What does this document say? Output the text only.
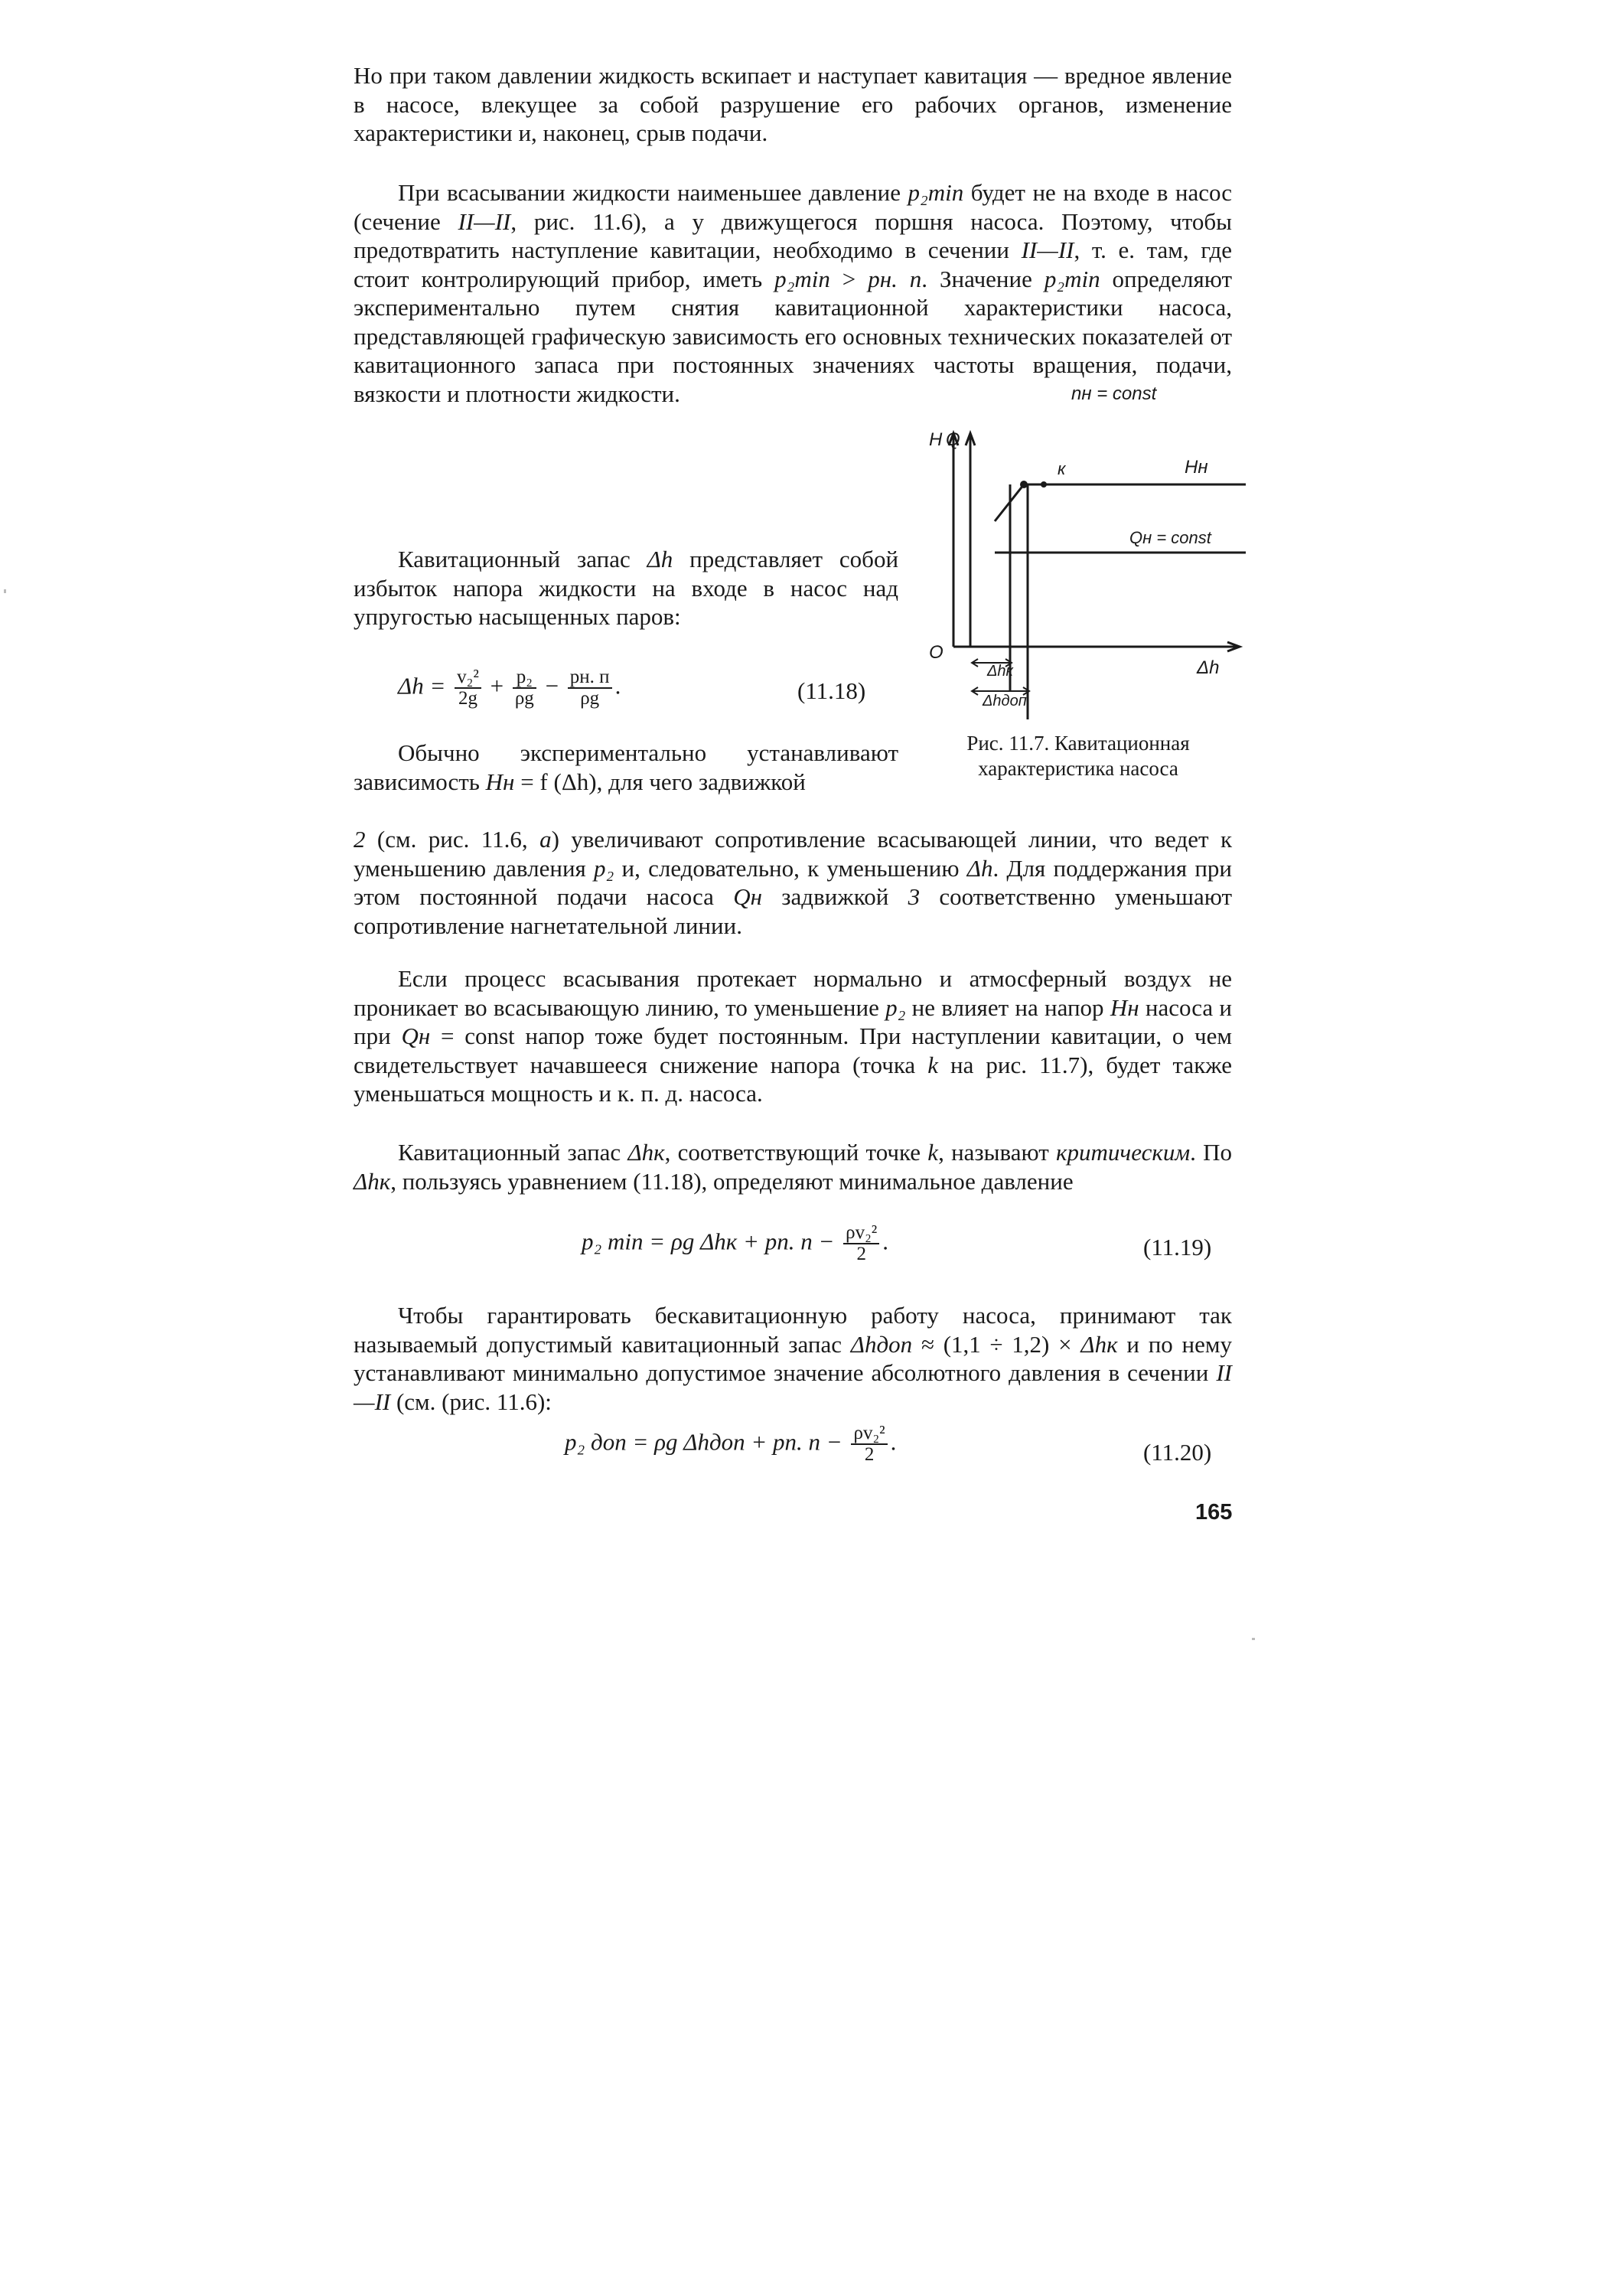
Но при таком давлении жидкость вскипает и наступает кавитация — вредное явление в насосе, влекущее за собой разрушение его рабочих органов, изменение характеристики и, наконец, срыв подачи.

При всасывании жидкости наименьшее давление p₂min будет не на входе в насос (сечение II—II, рис. 11.6), а у движущегося поршня насоса. Поэтому, чтобы предотвратить наступление кавитации, необходимо в сечении II—II, т. е. там, где стоит контролирующий прибор, иметь p₂min > pн. п. Значение p₂min определяют экспериментально путем снятия кавитационной характеристики насоса, представляющей графическую зависимость его основных технических показателей от кавитационного запаса при постоянных значениях частоты вращения, подачи, вязкости и плотности жидкости.
Кавитационный запас Δh представляет собой избыток напора жидкости на входе в насос над упругостью насыщенных паров:
$\Delta h = \frac{\text{v₂²}}{2g} + \frac{\text{p₂}}{\rho g} - \frac{pн. п}{\rho g}$ .	(11.18)
Обычно экспериментально устанавливают зависимость Hн = f (Δh), для чего задвижкой
2 (см. рис. 11.6, а) увеличивают сопротивление всасывающей линии, что ведет к уменьшению давления p₂ и, следовательно, к уменьшению Δh. Для поддержания при этом постоянной подачи насоса Qн задвижкой 3 соответственно уменьшают сопротивление нагнетательной линии.
Если процесс всасывания протекает нормально и атмосферный воздух не проникает во всасывающую линию, то уменьшение p₂ не влияет на напор Hн насоса и при Qн = const напор тоже будет постоянным. При наступлении кавитации, о чем свидетельствует начавшееся снижение напора (точка k на рис. 11.7), будет также уменьшаться мощность и к. п. д. насоса.
Кавитационный запас Δhк, соответствующий точке k, называют критическим. По Δhк, пользуясь уравнением (11.18), определяют минимальное давление
p₂ min = ρg Δhк + pп. $п - \frac{\text{ρv₂²}}{2}$ .	(11.19)
Чтобы гарантировать бескавитационную работу насоса, принимают так называемый допустимый кавитационный запас Δhдоп ≈ (1,1 ÷ 1,2) × Δhк и по нему устанавливают минимально допустимое значение абсолютного давления в сечении II—II (см. (рис. 11.6):
p₂ доп = ρg Δhдоп + pп. $п - \frac{\text{ρv₂²}}{2}$ .	(11.20)
nн = const
H Q
к	Hн
Qн = const
O
Δh
Δhк
Δhдоп
Рис. 11.7. Кавитационная характеристика насоса
165
